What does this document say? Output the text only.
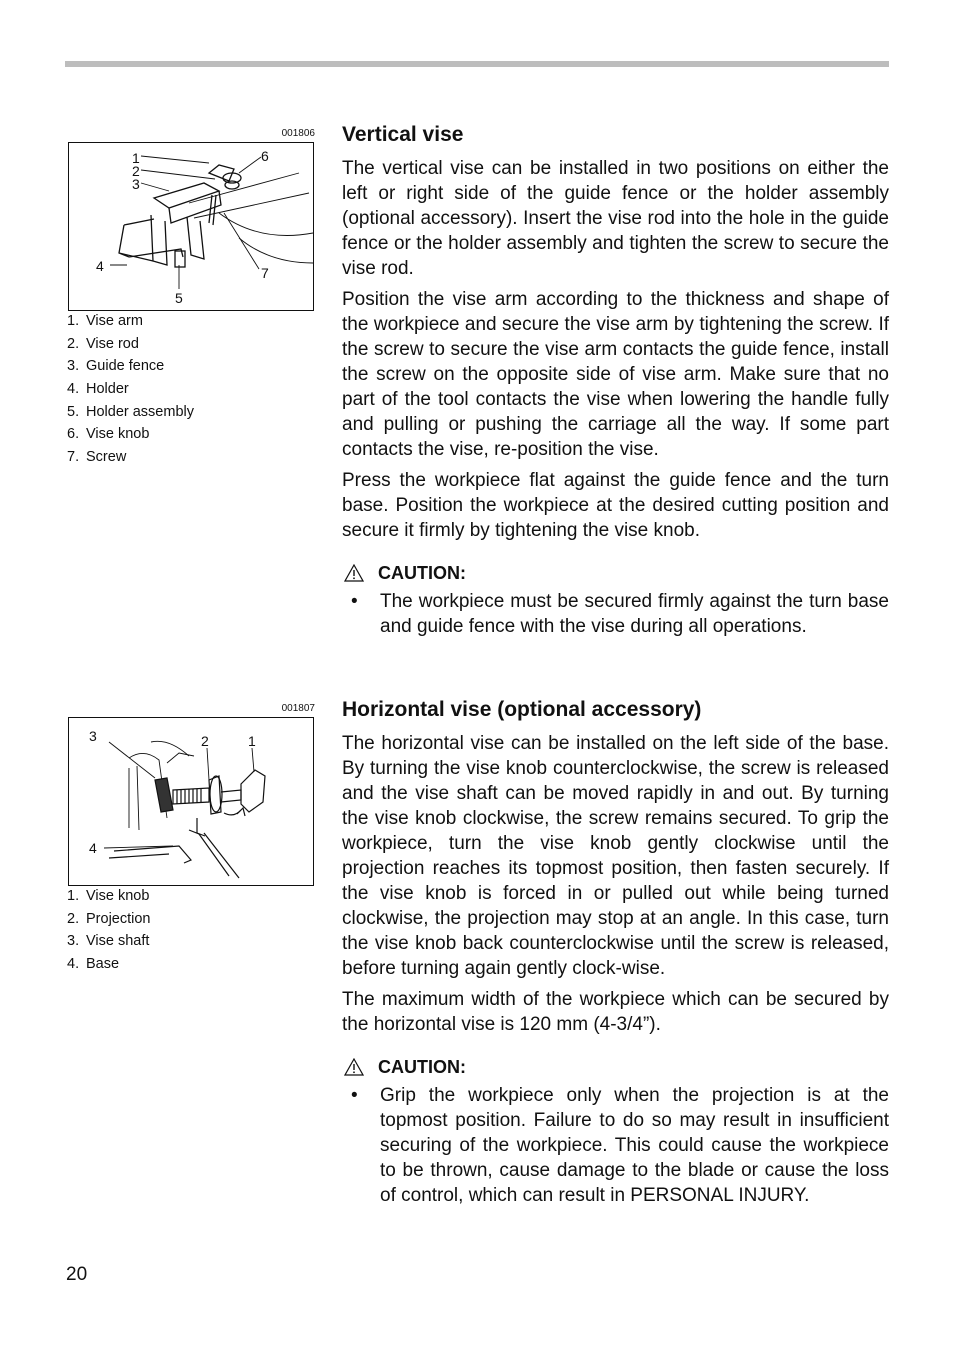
001806
1
2
3
4
5
6
7
1. Vise arm
2. Vise rod
3. Guide fence
4. Holder
5. Holder assembly
6. Vise knob
7. Screw
001807
3	2	1
4
1. Vise knob
2. Projection
3. Vise shaft
4. Base
Vertical vise

The vertical vise can be installed in two positions on either the left or right side of the guide fence or the holder assembly (optional accessory). Insert the vise rod into the hole in the guide fence or the holder assembly and tighten the screw to secure the vise rod.

Position the vise arm according to the thickness and shape of the workpiece and secure the vise arm by tightening the screw. If the screw to secure the vise arm contacts the guide fence, install the screw on the opposite side of vise arm. Make sure that no part of the tool contacts the vise when lowering the handle fully and pulling or pushing the carriage all the way. If some part contacts the vise, re-position the vise.

Press the workpiece flat against the guide fence and the turn base. Position the workpiece at the desired cutting position and secure it firmly by tightening the vise knob.

CAUTION:
•	The workpiece must be secured firmly against the turn base and guide fence with the vise during all operations.
Horizontal vise (optional accessory)

The horizontal vise can be installed on the left side of the base. By turning the vise knob counterclockwise, the screw is released and the vise shaft can be moved rapidly in and out. By turning the vise knob clockwise, the screw remains secured. To grip the workpiece, turn the vise knob gently clockwise until the projection reaches its topmost position, then fasten securely. If the vise knob is forced in or pulled out while being turned clockwise, the projection may stop at an angle. In this case, turn the vise knob back counterclockwise until the screw is released, before turning again gently clock-wise.

The maximum width of the workpiece which can be secured by the horizontal vise is 120 mm (4-3/4”).

CAUTION:
•	Grip the workpiece only when the projection is at the topmost position. Failure to do so may result in insufficient securing of the workpiece. This could cause the workpiece to be thrown, cause damage to the blade or cause the loss of control, which can result in PERSONAL INJURY.
20
